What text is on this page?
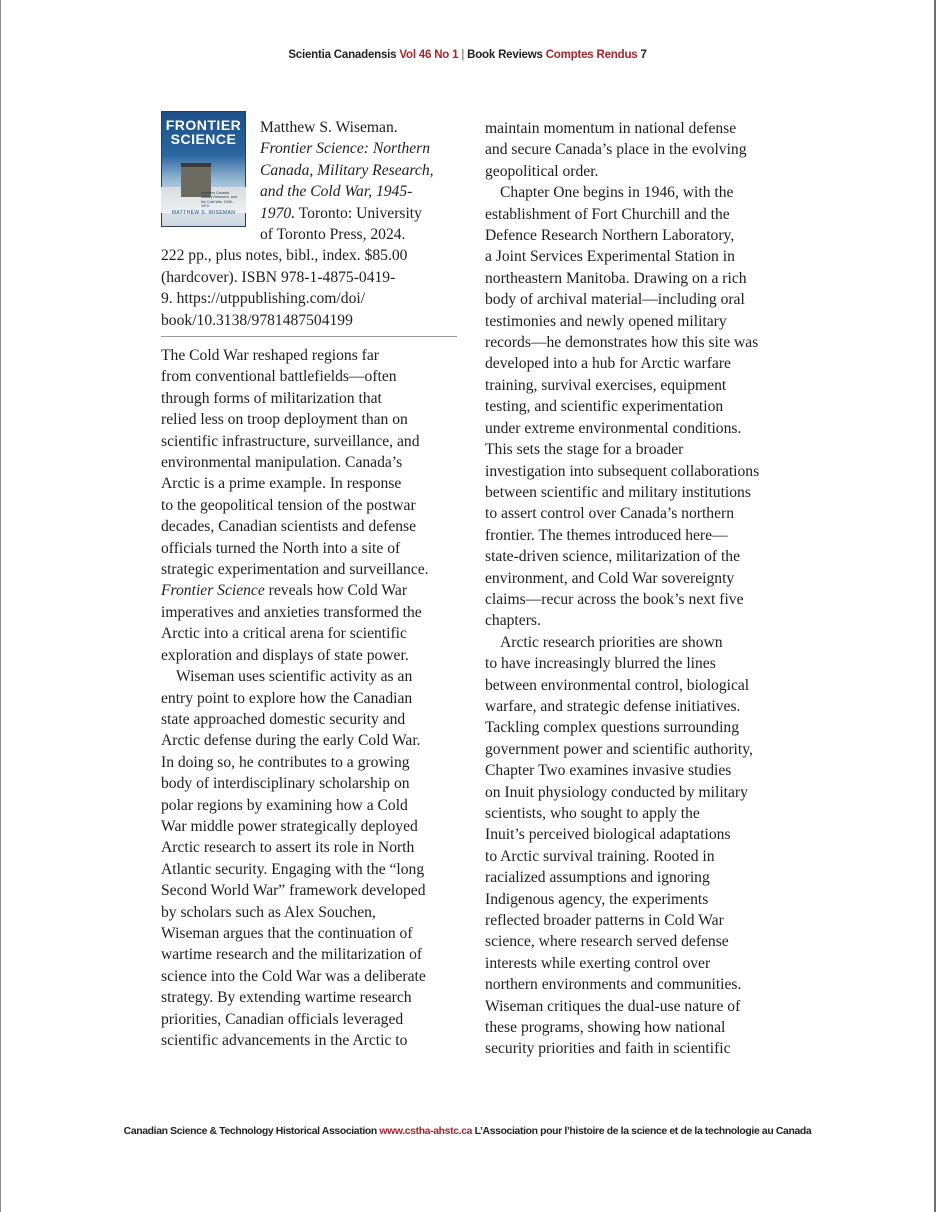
Scientia Canadensis Vol 46 No 1 | Book Reviews Comptes Rendus 7
FRONTIER
SCIENCE
Northern Canada, Military Research, and the Cold War, 1945–1970
MATTHEW S. WISEMAN
Matthew S. Wiseman.
Frontier Science: Northern
Canada, Military Research,
and the Cold War, 1945-
1970. Toronto: University
of Toronto Press, 2024.
222 pp., plus notes, bibl., index. $85.00
(hardcover). ISBN 978-1-4875-0419-
9. https://utppublishing.com/doi/
book/10.3138/9781487504199
The Cold War reshaped regions far
from conventional battlefields—often
through forms of militarization that
relied less on troop deployment than on
scientific infrastructure, surveillance, and
environmental manipulation. Canada’s
Arctic is a prime example. In response
to the geopolitical tension of the postwar
decades, Canadian scientists and defense
officials turned the North into a site of
strategic experimentation and surveillance.
Frontier Science reveals how Cold War
imperatives and anxieties transformed the
Arctic into a critical arena for scientific
exploration and displays of state power.
Wiseman uses scientific activity as an
entry point to explore how the Canadian
state approached domestic security and
Arctic defense during the early Cold War.
In doing so, he contributes to a growing
body of interdisciplinary scholarship on
polar regions by examining how a Cold
War middle power strategically deployed
Arctic research to assert its role in North
Atlantic security. Engaging with the “long
Second World War” framework developed
by scholars such as Alex Souchen,
Wiseman argues that the continuation of
wartime research and the militarization of
science into the Cold War was a deliberate
strategy. By extending wartime research
priorities, Canadian officials leveraged
scientific advancements in the Arctic to
maintain momentum in national defense
and secure Canada’s place in the evolving
geopolitical order.
Chapter One begins in 1946, with the
establishment of Fort Churchill and the
Defence Research Northern Laboratory,
a Joint Services Experimental Station in
northeastern Manitoba. Drawing on a rich
body of archival material—including oral
testimonies and newly opened military
records—he demonstrates how this site was
developed into a hub for Arctic warfare
training, survival exercises, equipment
testing, and scientific experimentation
under extreme environmental conditions.
This sets the stage for a broader
investigation into subsequent collaborations
between scientific and military institutions
to assert control over Canada’s northern
frontier. The themes introduced here—
state-driven science, militarization of the
environment, and Cold War sovereignty
claims—recur across the book’s next five
chapters.
Arctic research priorities are shown
to have increasingly blurred the lines
between environmental control, biological
warfare, and strategic defense initiatives.
Tackling complex questions surrounding
government power and scientific authority,
Chapter Two examines invasive studies
on Inuit physiology conducted by military
scientists, who sought to apply the
Inuit’s perceived biological adaptations
to Arctic survival training. Rooted in
racialized assumptions and ignoring
Indigenous agency, the experiments
reflected broader patterns in Cold War
science, where research served defense
interests while exerting control over
northern environments and communities.
Wiseman critiques the dual-use nature of
these programs, showing how national
security priorities and faith in scientific
Canadian Science & Technology Historical Association www.cstha-ahstc.ca L’Association pour l’histoire de la science et de la technologie au Canada
